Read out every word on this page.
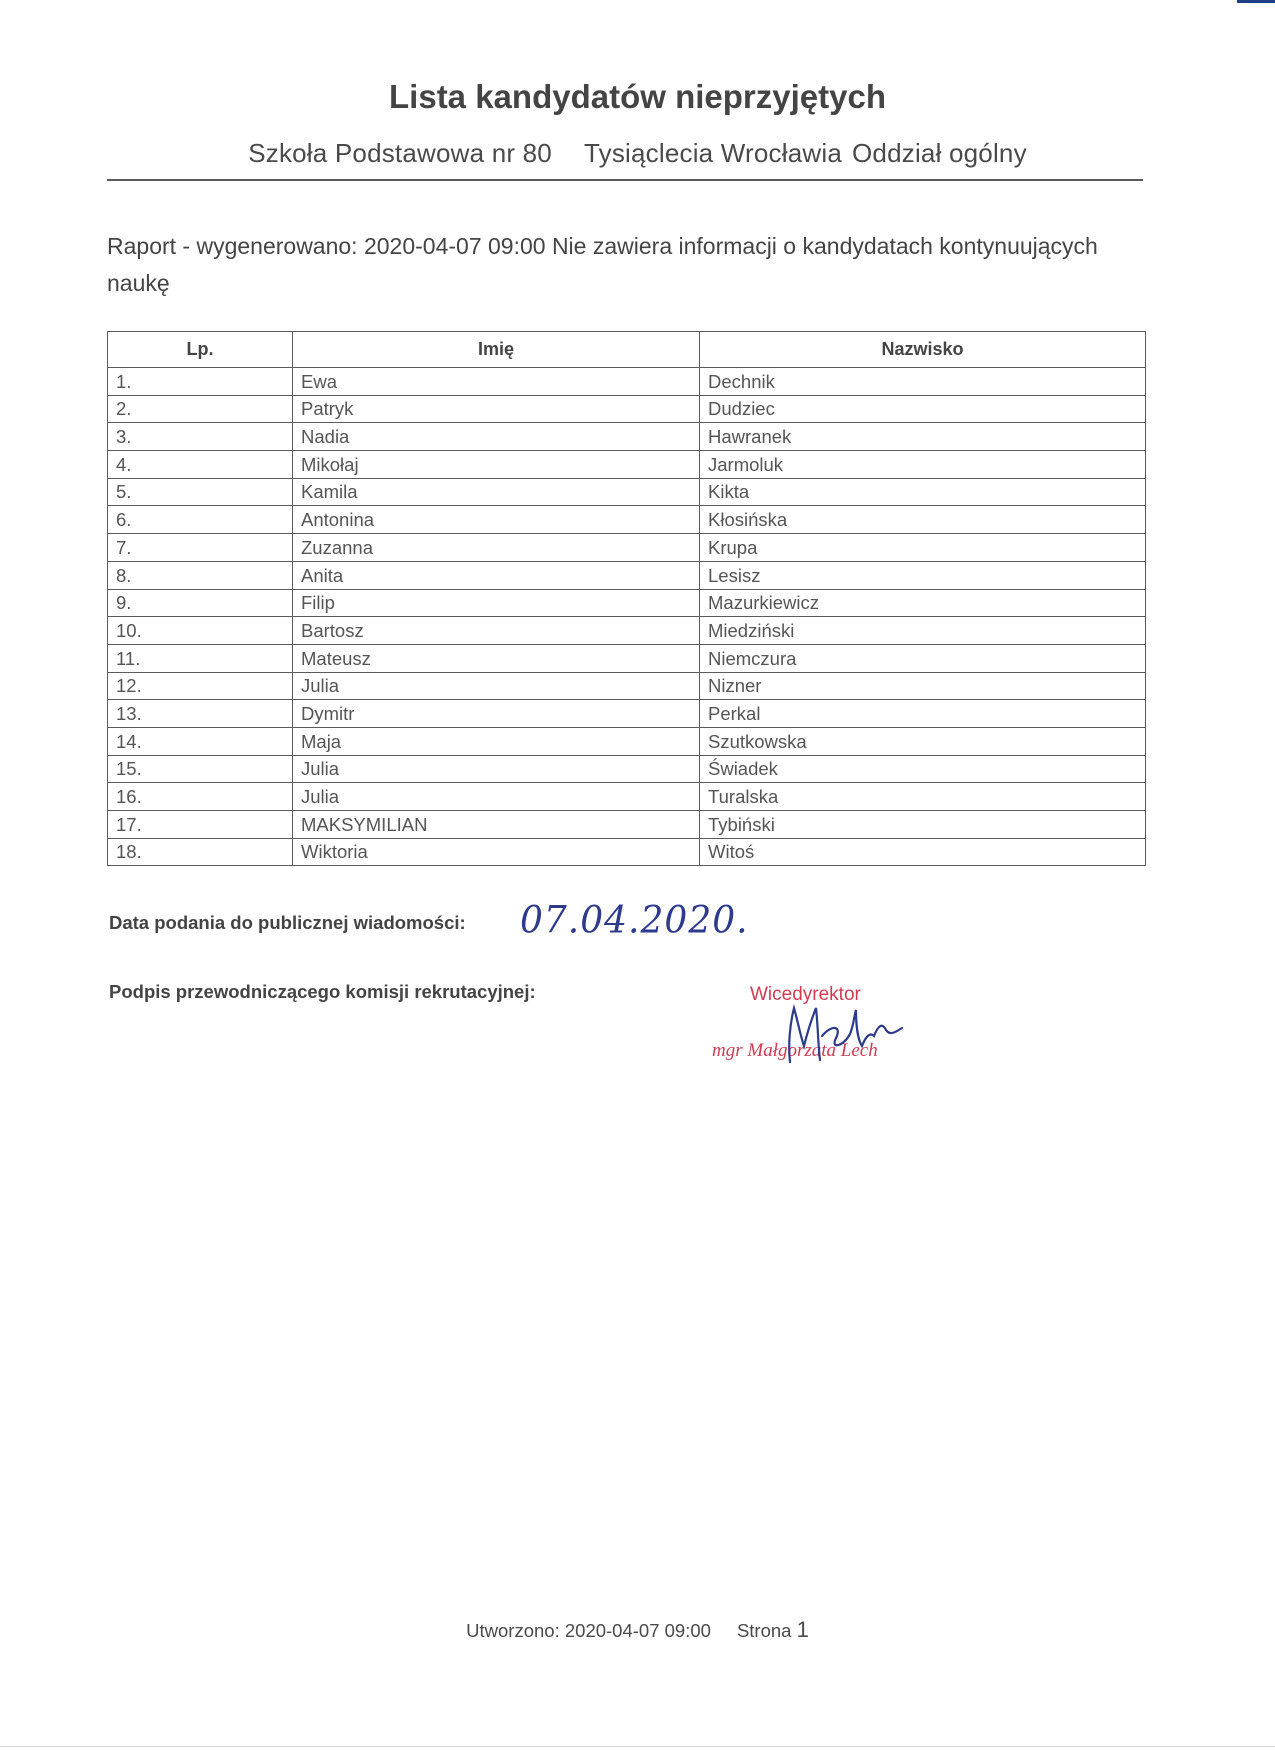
Lista kandydatów nieprzyjętych
Szkoła Podstawowa nr 80 Tysiąclecia Wrocławia Oddział ogólny
Raport - wygenerowano: 2020-04-07 09:00 Nie zawiera informacji o kandydatach kontynuujących naukę
Lp.	Imię	Nazwisko
1.	Ewa	Dechnik
2.	Patryk	Dudziec
3.	Nadia	Hawranek
4.	Mikołaj	Jarmoluk
5.	Kamila	Kikta
6.	Antonina	Kłosińska
7.	Zuzanna	Krupa
8.	Anita	Lesisz
9.	Filip	Mazurkiewicz
10.	Bartosz	Miedziński
11.	Mateusz	Niemczura
12.	Julia	Nizner
13.	Dymitr	Perkal
14.	Maja	Szutkowska
15.	Julia	Świadek
16.	Julia	Turalska
17.	MAKSYMILIAN	Tybiński
18.	Wiktoria	Witoś
Data podania do publicznej wiadomości: 07.04.2020.
Podpis przewodniczącego komisji rekrutacyjnej:	Wicedyrektor
mgr Małgorzata Lech
Utworzono: 2020-04-07 09:00 Strona 1
